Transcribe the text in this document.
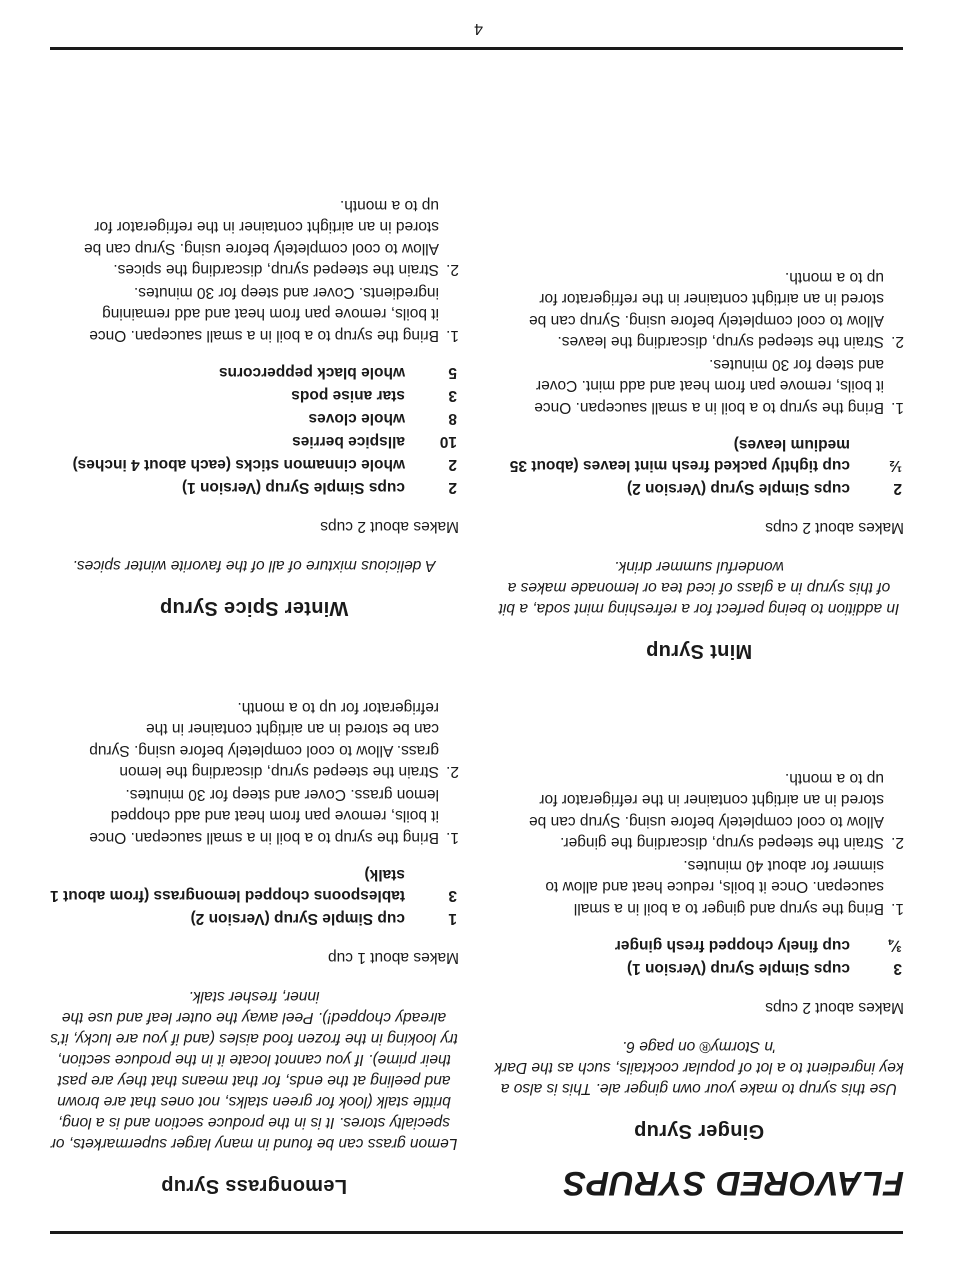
FLAVORED SYRUPS
Ginger Syrup

Use this syrup to make your own ginger ale. This is also a key ingredient to a lot of popular cocktails, such as the Dark 'n Stormy® on page 6.

Makes about 2 cups

3
cups Simple Syrup (Version 1)
¾
cup finely chopped fresh ginger
1.
Bring the syrup and ginger to a boil in a small saucepan. Once it boils, reduce heat and allow to simmer for about 40 minutes.
2.
Strain the steeped syrup, discarding the ginger. Allow to cool completely before using. Syrup can be stored in an airtight container in the refrigerator for up to a month.
Mint Syrup

In addition to being perfect for a refreshing mint soda, a bit of this syrup in a glass of iced tea or lemonade makes a wonderful summer drink.

Makes about 2 cups

2
cups Simple Syrup (Version 2)
½
cup tightly packed fresh mint leaves (about 35 medium leaves)
1.
Bring the syrup to a boil in a small saucepan. Once it boils, remove pan from heat and add mint. Cover and steep for 30 minutes.
2.
Strain the steeped syrup, discarding the leaves. Allow to cool completely before using. Syrup can be stored in an airtight container in the refrigerator for up to a month.
Lemongrass Syrup

Lemon grass can be found in many larger supermarkets, or specialty stores. It is in the produce section and is a long, brittle stalk (look for green stalks, not ones that are brown and peeling at the ends, for that means that they are past their prime). If you cannot locate it in the produce section, try looking in the frozen food aisles (and if you are lucky, it's already chopped!). Peel away the outer leaf and use the inner, fresher stalk.

Makes about 1 cup

1
cup Simple Syrup (Version 2)
3
tablespoons chopped lemongrass (from about 1 stalk)
1.
Bring the syrup to a boil in a small saucepan. Once it boils, remove pan from heat and add chopped lemon grass. Cover and steep for 30 minutes.
2.
Strain the steeped syrup, discarding the lemon grass. Allow to cool completely before using. Syrup can be stored in an airtight container in the refrigerator for up to a month.
Winter Spice Syrup

A delicious mixture of all of the favorite winter spices.

Makes about 2 cups

2
cups Simple Syrup (Version 1)
2
whole cinnamon sticks (each about 4 inches)
10
allspice berries
8
whole cloves
3
star anise pods
5
whole black peppercorns
1.
Bring the syrup to a boil in a small saucepan. Once it boils, remove pan from heat and add remaining ingredients. Cover and steep for 30 minutes.
2.
Strain the steeped syrup, discarding the spices. Allow to cool completely before using. Syrup can be stored in an airtight container in the refrigerator for up to a month.
4
